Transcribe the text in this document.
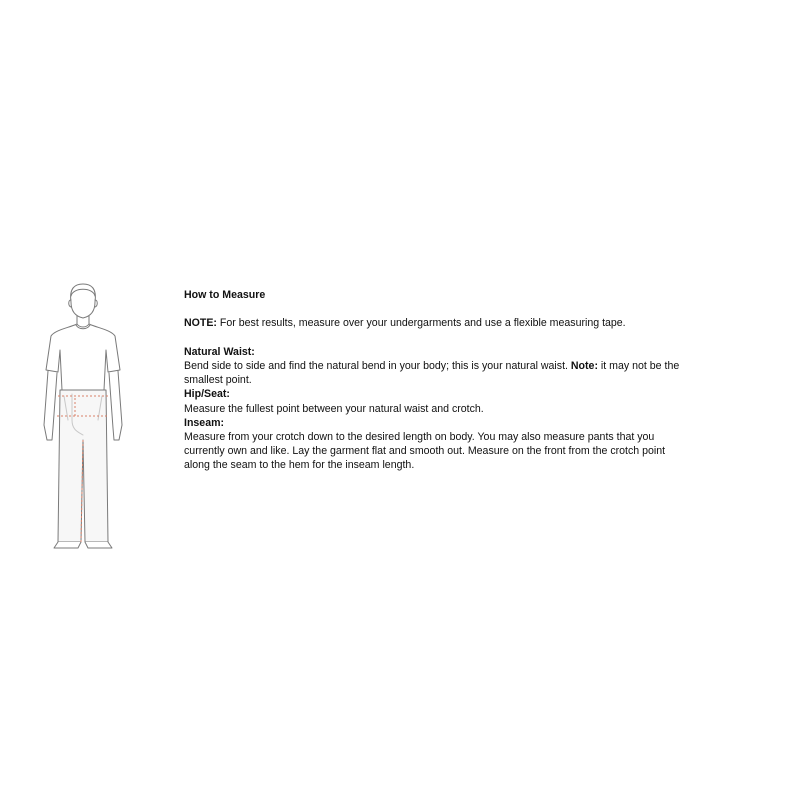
How to Measure

NOTE: For best results, measure over your undergarments and use a flexible measuring tape.

Natural Waist:

Bend side to side and find the natural bend in your body; this is your natural waist. Note: it may not be the smallest point.

Hip/Seat:

Measure the fullest point between your natural waist and crotch.

Inseam:

Measure from your crotch down to the desired length on body. You may also measure pants that you currently own and like. Lay the garment flat and smooth out. Measure on the front from the crotch point along the seam to the hem for the inseam length.
